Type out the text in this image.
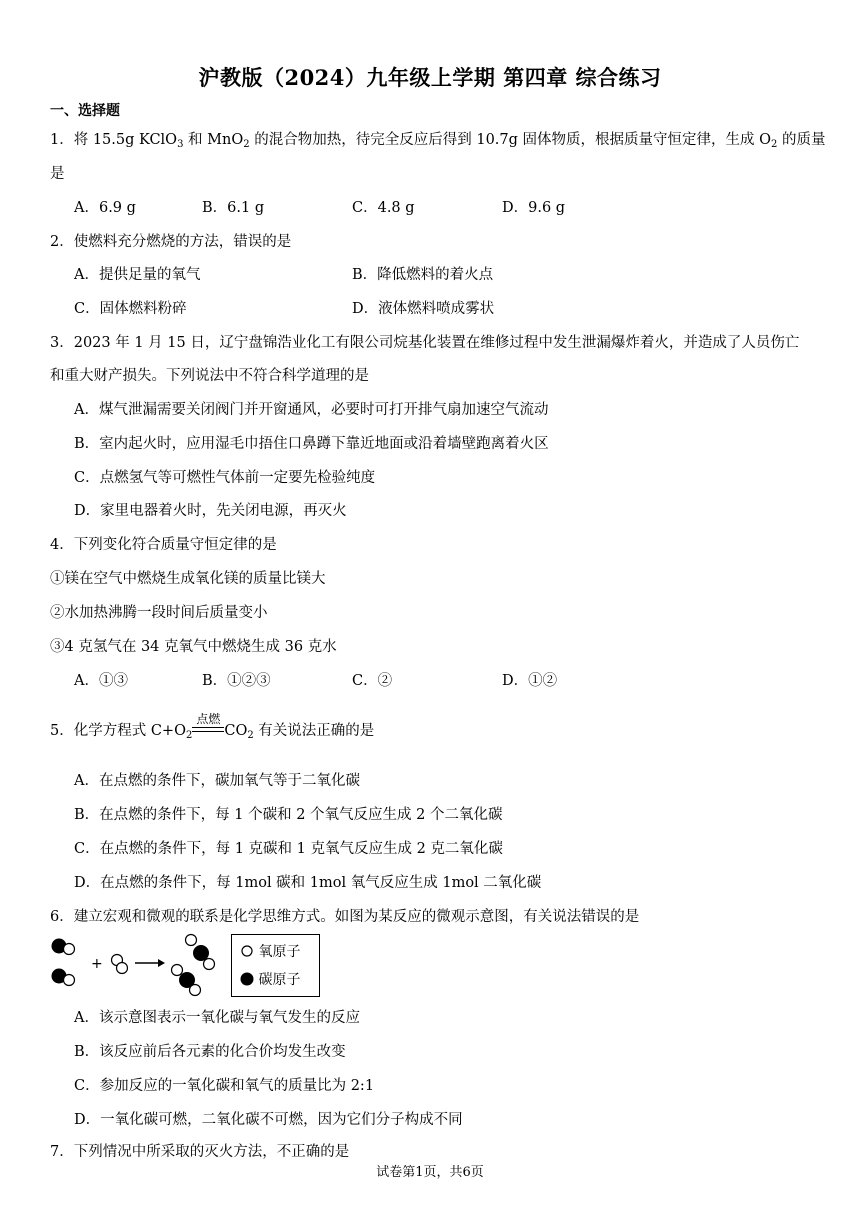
沪教版（2024）九年级上学期 第四章 综合练习
一、选择题
1．将 15.5g KClO$_3$ 和 MnO$_2$ 的混合物加热，待完全反应后得到 10.7g 固体物质，根据质量守恒定律，生成 $O_2$ 的质量
是
A．6.9 g	B．6.1 g	C．4.8 g	D．9.6 g
2．使燃料充分燃烧的方法，错误的是
A．提供足量的氧气	B．降低燃料的着火点
C．固体燃料粉碎	D．液体燃料喷成雾状
3．2023 年 1 月 15 日，辽宁盘锦浩业化工有限公司烷基化装置在维修过程中发生泄漏爆炸着火，并造成了人员伤亡
和重大财产损失。下列说法中不符合科学道理的是
A．煤气泄漏需要关闭阀门并开窗通风，必要时可打开排气扇加速空气流动
B．室内起火时，应用湿毛巾捂住口鼻蹲下靠近地面或沿着墙壁跑离着火区
C．点燃氢气等可燃性气体前一定要先检验纯度
D．家里电器着火时，先关闭电源，再灭火
4．下列变化符合质量守恒定律的是
①镁在空气中燃烧生成氧化镁的质量比镁大
②水加热沸腾一段时间后质量变小
③4 克氢气在 34 克氧气中燃烧生成 36 克水
A．①③	B．①②③	C．②	D．①②
5．化学方程式 $C+O_2$
点燃
$CO_2$ 有关说法正确的是
A．在点燃的条件下，碳加氧气等于二氧化碳
B．在点燃的条件下，每 1 个碳和 2 个氧气反应生成 2 个二氧化碳
C．在点燃的条件下，每 1 克碳和 1 克氧气反应生成 2 克二氧化碳
D．在点燃的条件下，每 1mol 碳和 1mol 氧气反应生成 1mol 二氧化碳
6．建立宏观和微观的联系是化学思维方式。如图为某反应的微观示意图，有关说法错误的是
+
氧原子
碳原子
A．该示意图表示一氧化碳与氧气发生的反应
B．该反应前后各元素的化合价均发生改变
C．参加反应的一氧化碳和氧气的质量比为 2:1
D．一氧化碳可燃，二氧化碳不可燃，因为它们分子构成不同
7．下列情况中所采取的灭火方法，不正确的是
试卷第1页，共6页
